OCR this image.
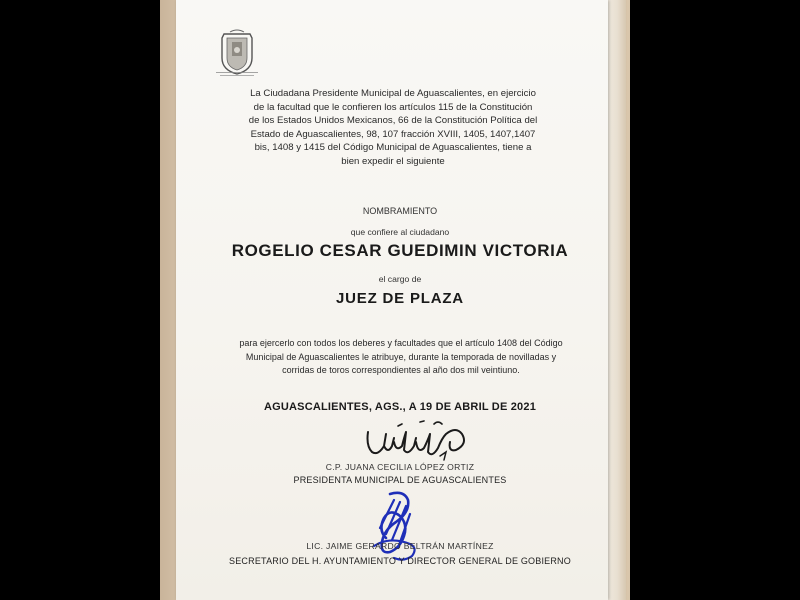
La Ciudadana Presidente Municipal de Aguascalientes, en ejercicio
de la facultad que le confieren los artículos 115 de la Constitución
de los Estados Unidos Mexicanos, 66 de la Constitución Política del
Estado de Aguascalientes, 98, 107 fracción XVIII, 1405, 1407,1407
bis, 1408 y 1415 del Código Municipal de Aguascalientes, tiene a
bien expedir el siguiente
NOMBRAMIENTO
que confiere al ciudadano
ROGELIO CESAR GUEDIMIN VICTORIA
el cargo de
JUEZ DE PLAZA
para ejercerlo con todos los deberes y facultades que el artículo 1408 del Código
Municipal de Aguascalientes le atribuye, durante la temporada de novilladas y
corridas de toros correspondientes al año dos mil veintiuno.
AGUASCALIENTES, AGS., A 19 DE ABRIL DE 2021
C.P. JUANA CECILIA LÓPEZ ORTIZ
PRESIDENTA MUNICIPAL DE AGUASCALIENTES
LIC. JAIME GERARDO BELTRÁN MARTÍNEZ
SECRETARIO DEL H. AYUNTAMIENTO Y DIRECTOR GENERAL DE GOBIERNO
